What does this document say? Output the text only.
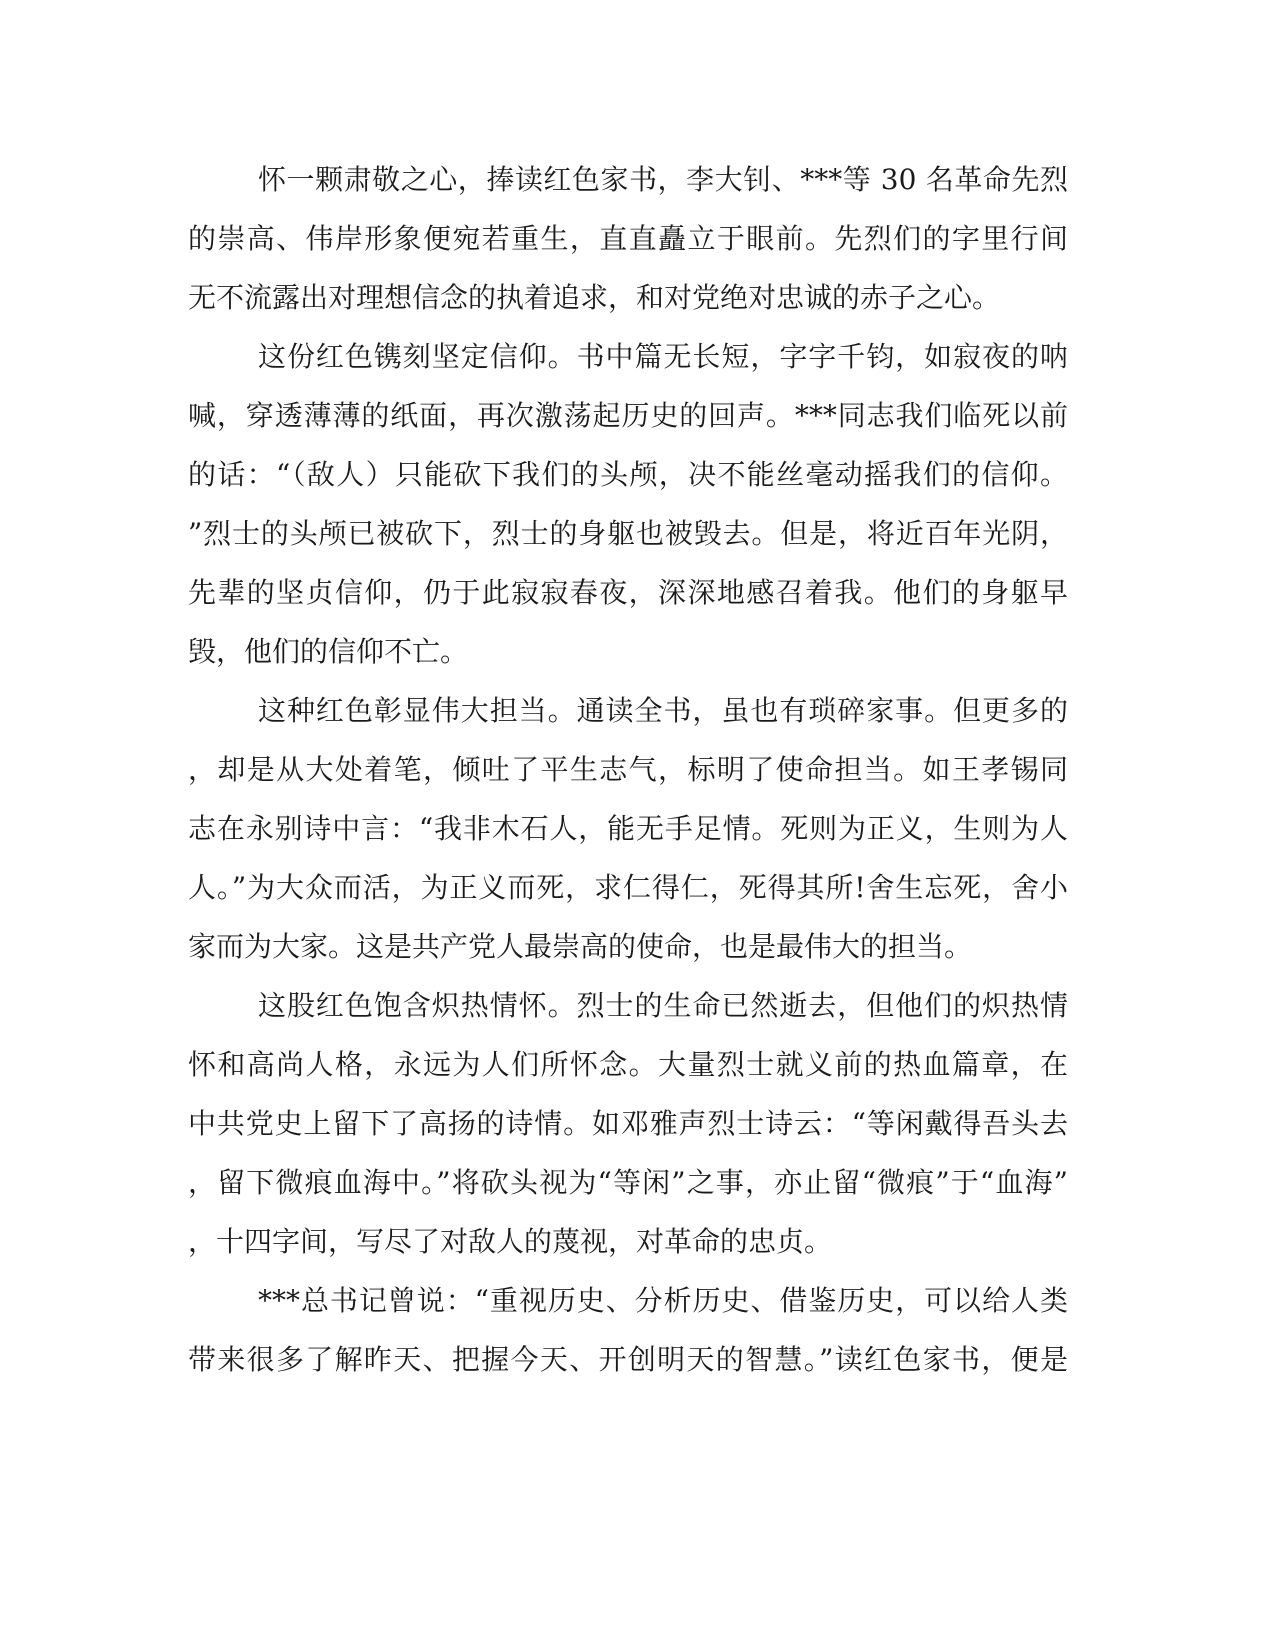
怀一颗肃敬之心，捧读红色家书，李大钊、***等 30 名革命先烈

的崇高、伟岸形象便宛若重生，直直矗立于眼前。先烈们的字里行间

无不流露出对理想信念的执着追求，和对党绝对忠诚的赤子之心。

这份红色镌刻坚定信仰。书中篇无长短，字字千钧，如寂夜的呐

喊，穿透薄薄的纸面，再次激荡起历史的回声。***同志我们临死以前

的话：“（敌人）只能砍下我们的头颅，决不能丝毫动摇我们的信仰。

”烈士的头颅已被砍下，烈士的身躯也被毁去。但是，将近百年光阴，

先辈的坚贞信仰，仍于此寂寂春夜，深深地感召着我。他们的身躯早

毁，他们的信仰不亡。

这种红色彰显伟大担当。通读全书，虽也有琐碎家事。但更多的

，却是从大处着笔，倾吐了平生志气，标明了使命担当。如王孝锡同

志在永别诗中言：“我非木石人，能无手足情。死则为正义，生则为人

人。”为大众而活，为正义而死，求仁得仁，死得其所!舍生忘死，舍小

家而为大家。这是共产党人最崇高的使命，也是最伟大的担当。

这股红色饱含炽热情怀。烈士的生命已然逝去，但他们的炽热情

怀和高尚人格，永远为人们所怀念。大量烈士就义前的热血篇章，在

中共党史上留下了高扬的诗情。如邓雅声烈士诗云：“等闲戴得吾头去

，留下微痕血海中。”将砍头视为“等闲”之事，亦止留“微痕”于“血海”

，十四字间，写尽了对敌人的蔑视，对革命的忠贞。

***总书记曾说：“重视历史、分析历史、借鉴历史，可以给人类

带来很多了解昨天、把握今天、开创明天的智慧。”读红色家书，便是
